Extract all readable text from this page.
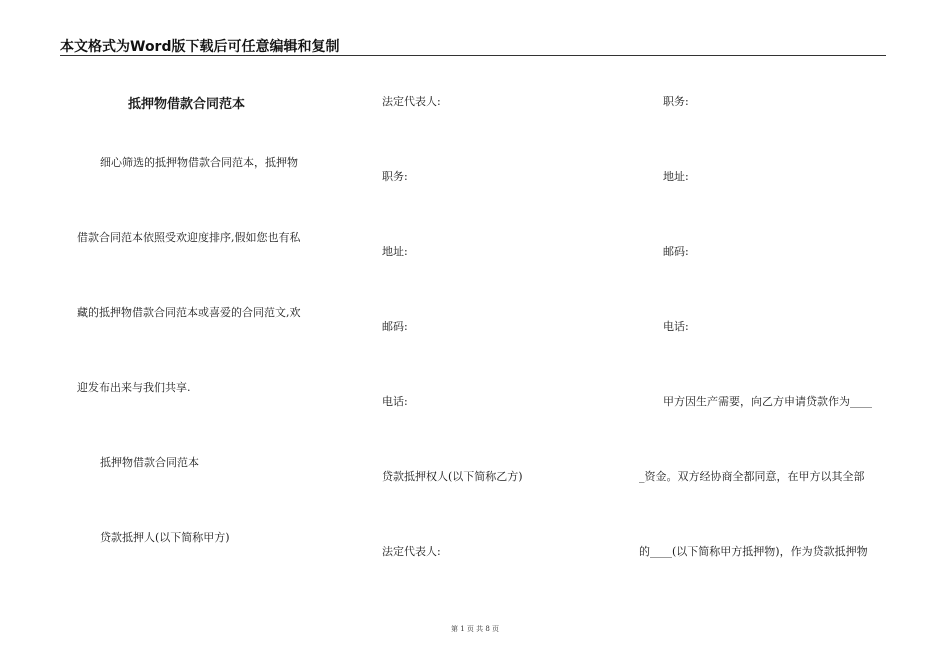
本文格式为Word版下载后可任意编辑和复制
抵押物借款合同范本
细心筛选的抵押物借款合同范本，抵押物
借款合同范本依照受欢迎度排序,假如您也有私
藏的抵押物借款合同范本或喜爱的合同范文,欢
迎发布出来与我们共享.
抵押物借款合同范本
贷款抵押人(以下简称甲方)
法定代表人:
职务:
地址:
邮码:
电话:
贷款抵押权人(以下简称乙方)
法定代表人:
职务:
地址:
邮码:
电话:
甲方因生产需要，向乙方申请贷款作为____
_资金。双方经协商全都同意，在甲方以其全部
的____(以下简称甲方抵押物)，作为贷款抵押物
第 1 页 共 8 页
